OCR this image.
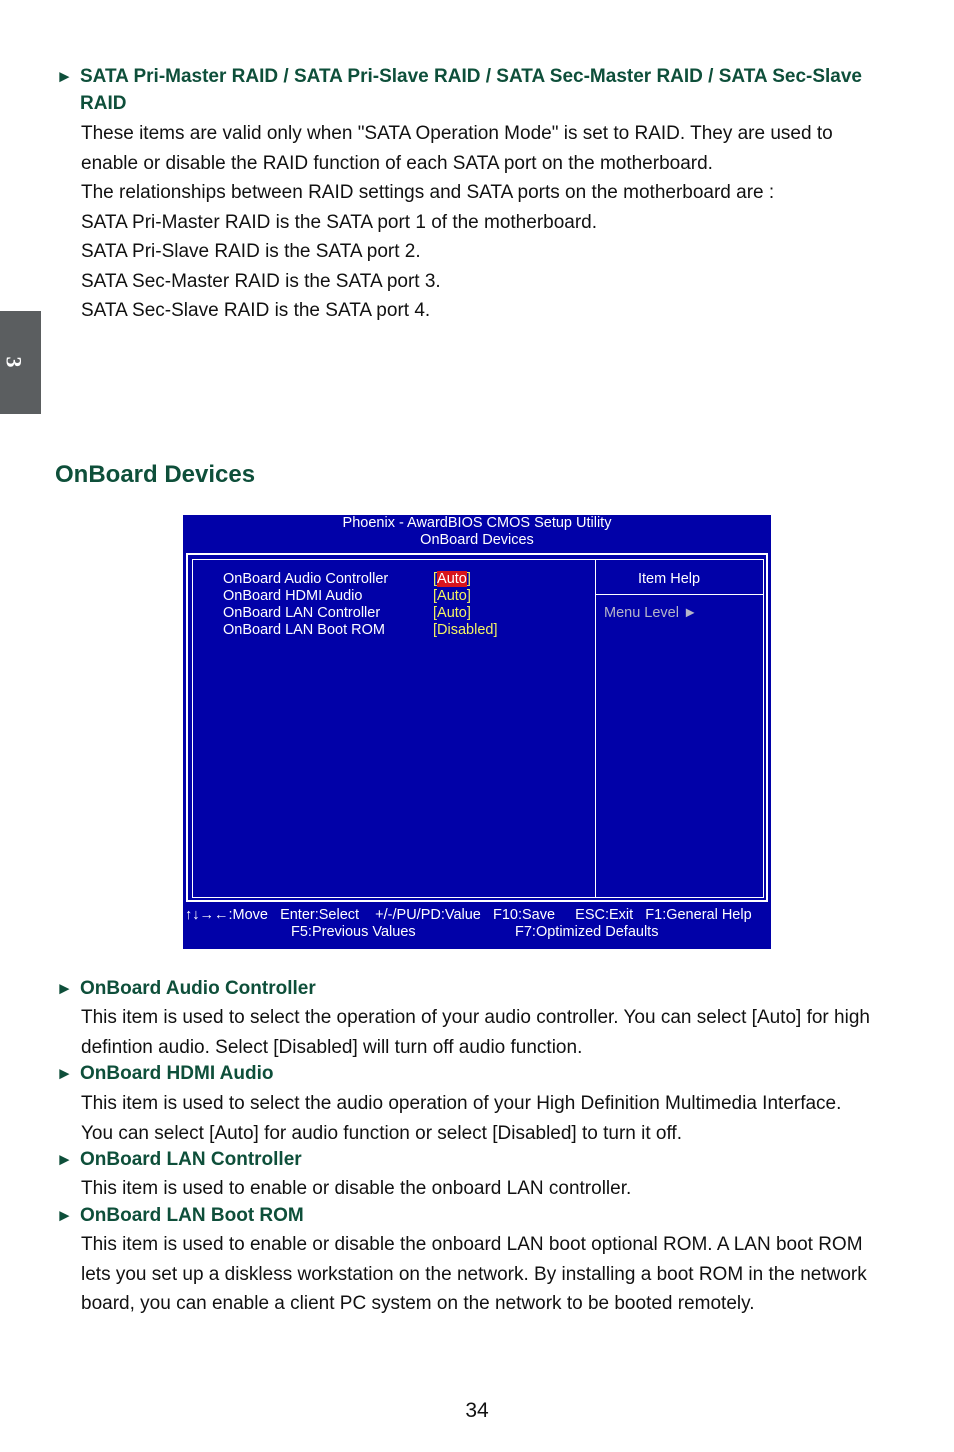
3
► SATA Pri-Master RAID / SATA Pri-Slave RAID / SATA Sec-Master RAID / SATA Sec-Slave
RAID

These items are valid only when "SATA Operation Mode" is set to RAID. They are used to

enable or disable the RAID function of each SATA port on the motherboard.

The relationships between RAID settings and SATA ports on the motherboard are :

SATA Pri-Master RAID is the SATA port 1 of the motherboard.

SATA Pri-Slave RAID is the SATA port 2.

SATA Sec-Master RAID is the SATA port 3.

SATA Sec-Slave RAID is the SATA port 4.

OnBoard Devices
Phoenix - AwardBIOS CMOS Setup Utility
OnBoard Devices
OnBoard Audio Controller	[Auto]
OnBoard HDMI Audio	[Auto]
OnBoard LAN Controller	[Auto]
OnBoard LAN Boot ROM	[Disabled]
Item Help
Menu Level ►
↑↓→←:Move   Enter:Select    +/-/PU/PD:Value   F10:Save     ESC:Exit   F1:General Help
F5:Previous Values	F7:Optimized Defaults
► OnBoard Audio Controller

This item is used to select the operation of your audio controller. You can select [Auto] for high

defintion audio. Select [Disabled] will turn off audio function.

► OnBoard HDMI Audio

This item is used to select the audio operation of your High Definition Multimedia Interface.

You can select [Auto] for audio function or select [Disabled] to turn it off.

► OnBoard LAN Controller

This item is used to enable or disable the onboard LAN controller.

► OnBoard LAN Boot ROM

This item is used to enable or disable the onboard LAN boot optional ROM. A LAN boot ROM

lets you set up a diskless workstation on the network. By installing a boot ROM in the network

board, you can enable a client PC system on the network to be booted remotely.

34
